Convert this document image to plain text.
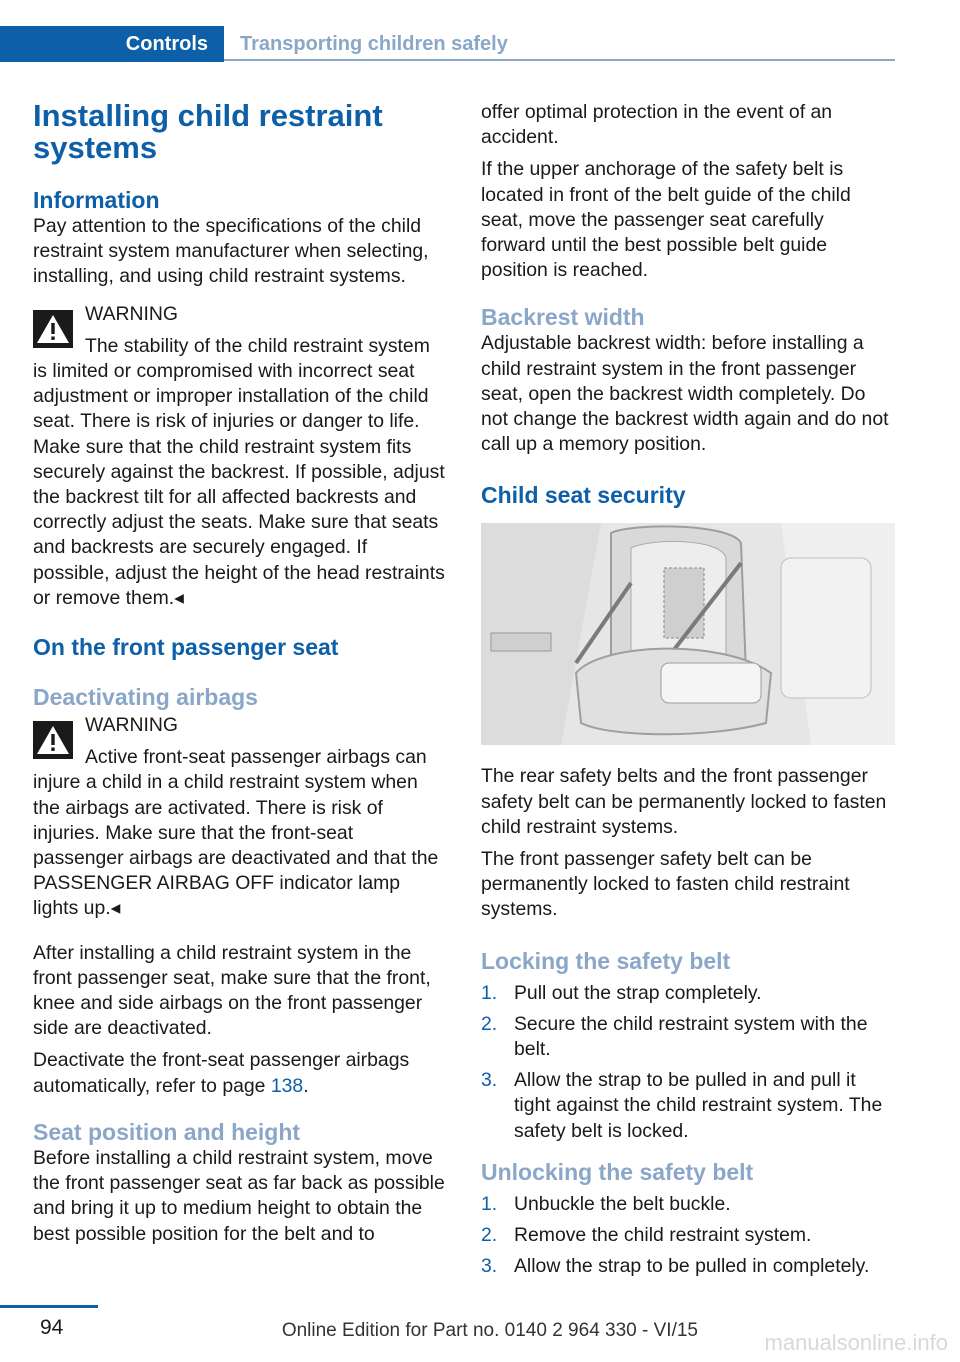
Controls	Transporting children safely
Installing child restraint systems
Information

Pay attention to the specifications of the child restraint system manufacturer when selecting, installing, and using child restraint systems.

WARNING

The stability of the child restraint system is limited or compromised with incorrect seat adjustment or improper installation of the child seat. There is risk of injuries or danger to life. Make sure that the child restraint system fits securely against the backrest. If possible, adjust the backrest tilt for all affected backrests and correctly adjust the seats. Make sure that seats and backrests are securely engaged. If possible, adjust the height of the head restraints or remove them.◂

On the front passenger seat
Deactivating airbags

WARNING

Active front-seat passenger airbags can injure a child in a child restraint system when the airbags are activated. There is risk of injuries. Make sure that the front-seat passenger airbags are deactivated and that the PASSENGER AIRBAG OFF indicator lamp lights up.◂

After installing a child restraint system in the front passenger seat, make sure that the front, knee and side airbags on the front passenger side are deactivated.

Deactivate the front-seat passenger airbags automatically, refer to page 138.

Seat position and height

Before installing a child restraint system, move the front passenger seat as far back as possible and bring it up to medium height to obtain the best possible position for the belt and to

offer optimal protection in the event of an accident.

If the upper anchorage of the safety belt is located in front of the belt guide of the child seat, move the passenger seat carefully forward until the best possible belt guide position is reached.

Backrest width

Adjustable backrest width: before installing a child restraint system in the front passenger seat, open the backrest width completely. Do not change the backrest width again and do not call up a memory position.

Child seat security

The rear safety belts and the front passenger safety belt can be permanently locked to fasten child restraint systems.

The front passenger safety belt can be permanently locked to fasten child restraint systems.

Locking the safety belt
1. Pull out the strap completely.
2. Secure the child restraint system with the belt.
3. Allow the strap to be pulled in and pull it tight against the child restraint system. The safety belt is locked.
Unlocking the safety belt
1. Unbuckle the belt buckle.
2. Remove the child restraint system.
3. Allow the strap to be pulled in completely.
94	Online Edition for Part no. 0140 2 964 330 - VI/15	manualsonline.info
